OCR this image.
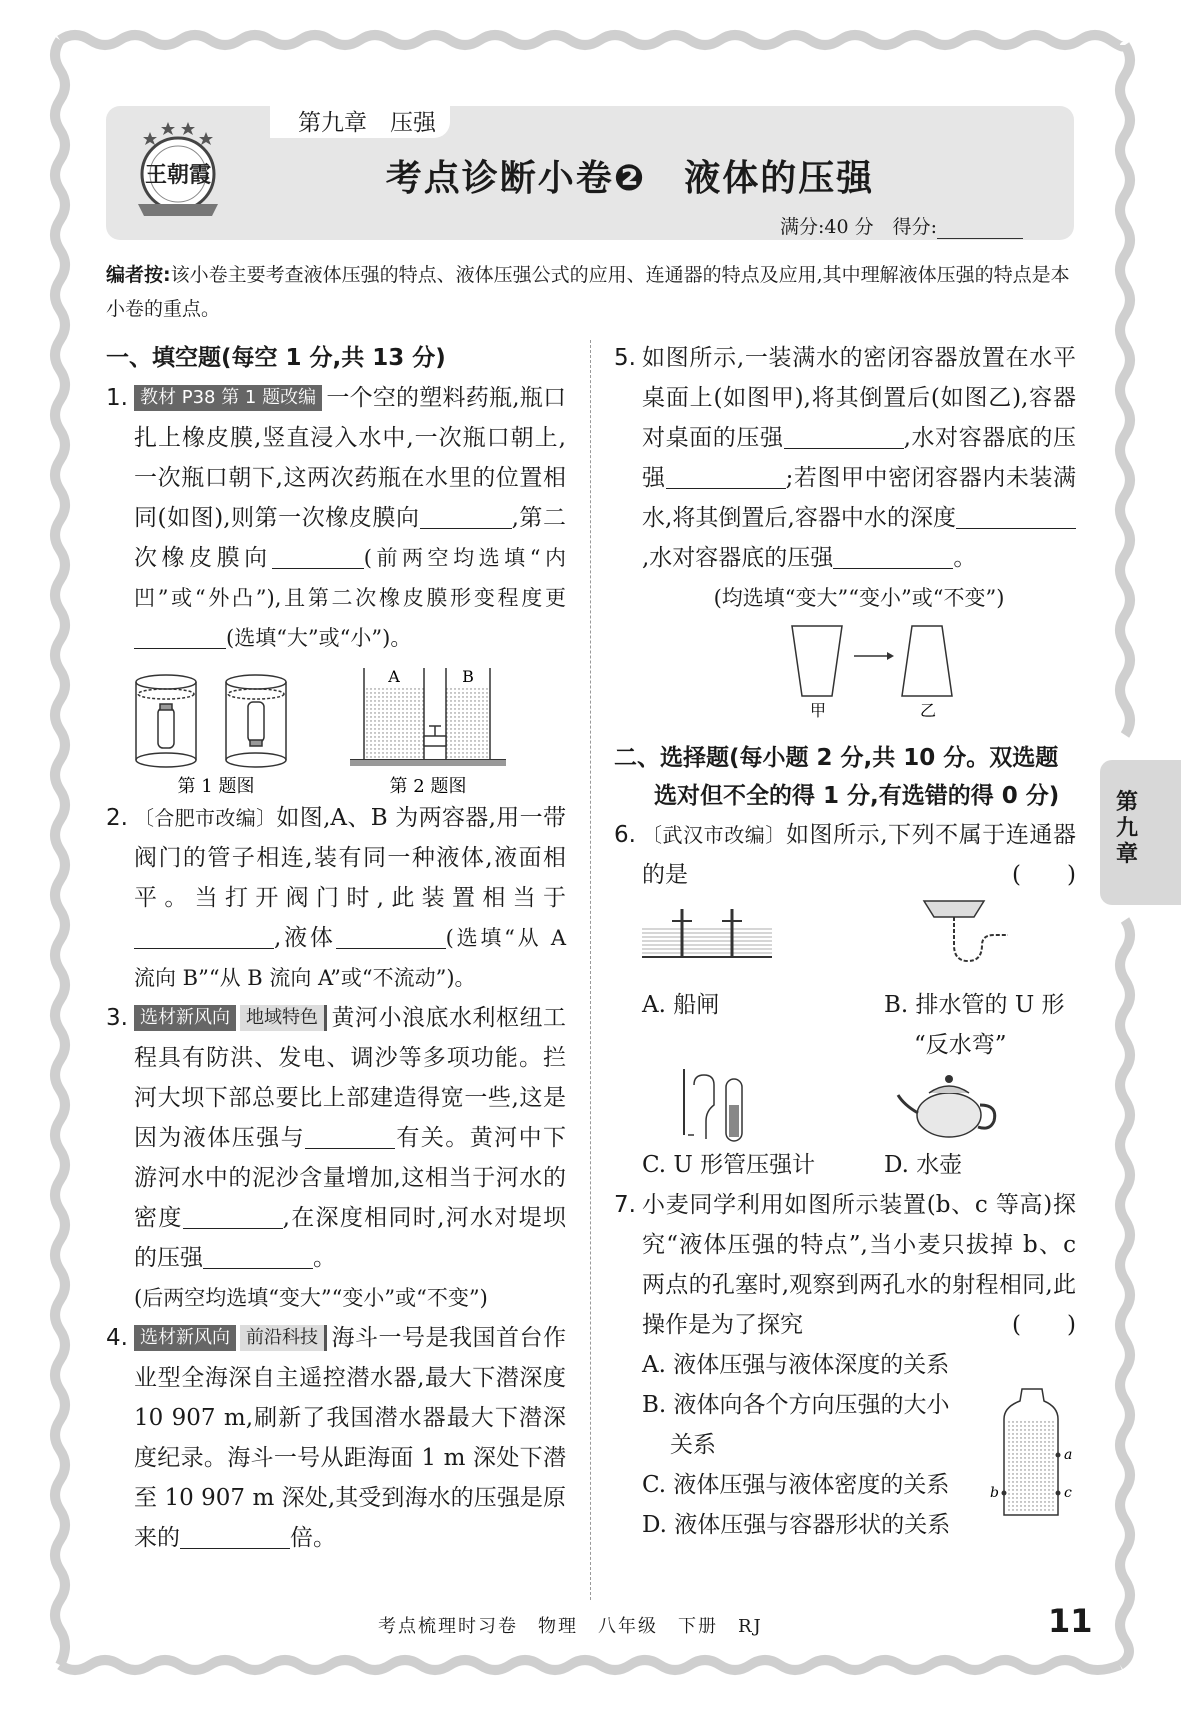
第九章　压强
王朝霞	考点诊断小卷❷　液体的压强
满分:40 分　得分:
编者按:该小卷主要考查液体压强的特点、液体压强公式的应用、连通器的特点及应用,其中理解液体压强的特点是本小卷的重点。
一、填空题(每空 1 分,共 13 分)
1. 教材 P38 第 1 题改编 一个空的塑料药瓶,瓶口扎上橡皮膜,竖直浸入水中,一次瓶口朝上,一次瓶口朝下,这两次药瓶在水里的位置相同(如图),则第一次橡皮膜向	,第二次橡皮膜向	(前两空均选填“内凹”或“外凸”),且第二次橡皮膜形变程度更(选填“大”或“小”)。
A	B
第 1 题图	第 2 题图
2. 〔合肥市改编〕如图,A、B 为两容器,用一带阀门的管子相连,装有同一种液体,液面相平。当打开阀门时,此装置相当于,液体	(选填“从 A 流向 B”“从 B 流向 A”或“不流动”)。
3. 选材新风向 地域特色 黄河小浪底水利枢纽工程具有防洪、发电、调沙等多项功能。拦河大坝下部总要比上部建造得宽一些,这是因为液体压强与	有关。黄河中下游河水中的泥沙含量增加,这相当于河水的密度	,在深度相同时,河水对堤坝的压强	。
(后两空均选填“变大”“变小”或“不变”)
4. 选材新风向 前沿科技 海斗一号是我国首台作业型全海深自主遥控潜水器,最大下潜深度 10 907 m,刷新了我国潜水器最大下潜深度纪录。海斗一号从距海面 1 m 深处下潜至 10 907 m 深处,其受到海水的压强是原来的	倍。
5. 如图所示,一装满水的密闭容器放置在水平桌面上(如图甲),将其倒置后(如图乙),容器对桌面的压强	,水对容器底的压强	;若图甲中密闭容器内未装满水,将其倒置后,容器中水的深度,水对容器底的压强	。
(均选填“变大”“变小”或“不变”)
甲	乙
二、选择题(每小题 2 分,共 10 分。双选题
选对但不全的得 1 分,有选错的得 0 分)
6. 〔武汉市改编〕如图所示,下列不属于连通器的是	(　　)
A. 船闸	B. 排水管的 U 形
“反水弯”
C. U 形管压强计	D. 水壶
7. 小麦同学利用如图所示装置(b、c 等高)探究“液体压强的特点”,当小麦只拔掉 b、c 两点的孔塞时,观察到两孔水的射程相同,此操作是为了探究	(　　)
A. 液体压强与液体深度的关系
B. 液体向各个方向压强的大小
关系
C. 液体压强与液体密度的关系
D. 液体压强与容器形状的关系
a
b	c
第九章
考点梳理时习卷　物理　八年级　下册　RJ	11
